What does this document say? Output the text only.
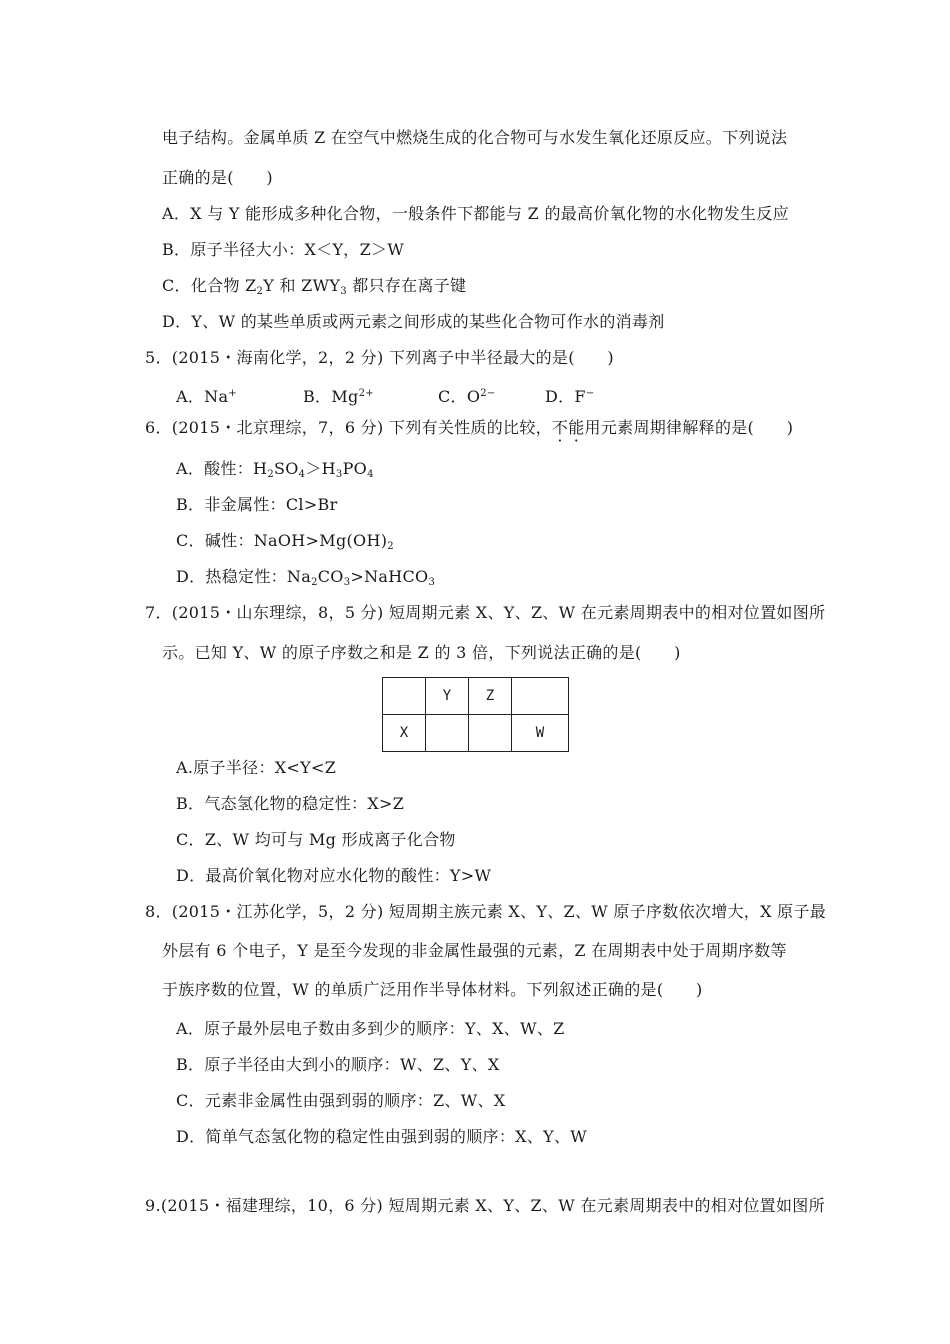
电子结构。金属单质 Z 在空气中燃烧生成的化合物可与水发生氧化还原反应。下列说法
正确的是(　　)
A．X 与 Y 能形成多种化合物，一般条件下都能与 Z 的最高价氧化物的水化物发生反应
B．原子半径大小：X＜Y，Z＞W
C．化合物 $Z_2Y$ 和 $ZWY_3$ 都只存在离子键
D．Y、W 的某些单质或两元素之间形成的某些化合物可作水的消毒剂
5．(2015・海南化学，2，2 分) 下列离子中半径最大的是(　　)
A．Na+	B．$Mg^{2+}$	C．$O^{2-}$	D．F−
6．(2015・北京理综，7，6 分) 下列有关性质的比较，不能用元素周期律解释的是(　　)
A．酸性：$H_2SO_4>H_3PO_4$
B．非金属性：Cl>Br
C．碱性：$NaOH>Mg(OH)_2$
D．热稳定性：$Na_2CO_3>NaHCO_3$
7．(2015・山东理综，8，5 分) 短周期元素 X、Y、Z、W 在元素周期表中的相对位置如图所
示。已知 Y、W 的原子序数之和是 Z 的 3 倍，下列说法正确的是(　　)
	Y	Z	
X			W
A.原子半径：X<Y<Z
B．气态氢化物的稳定性：X>Z
C．Z、W 均可与 Mg 形成离子化合物
D．最高价氧化物对应水化物的酸性：Y>W
8．(2015・江苏化学，5，2 分) 短周期主族元素 X、Y、Z、W 原子序数依次增大，X 原子最
外层有 6 个电子，Y 是至今发现的非金属性最强的元素，Z 在周期表中处于周期序数等
于族序数的位置，W 的单质广泛用作半导体材料。下列叙述正确的是(　　)
A．原子最外层电子数由多到少的顺序：Y、X、W、Z
B．原子半径由大到小的顺序：W、Z、Y、X
C．元素非金属性由强到弱的顺序：Z、W、X
D．简单气态氢化物的稳定性由强到弱的顺序：X、Y、W
9.(2015・福建理综，10，6 分) 短周期元素 X、Y、Z、W 在元素周期表中的相对位置如图所
